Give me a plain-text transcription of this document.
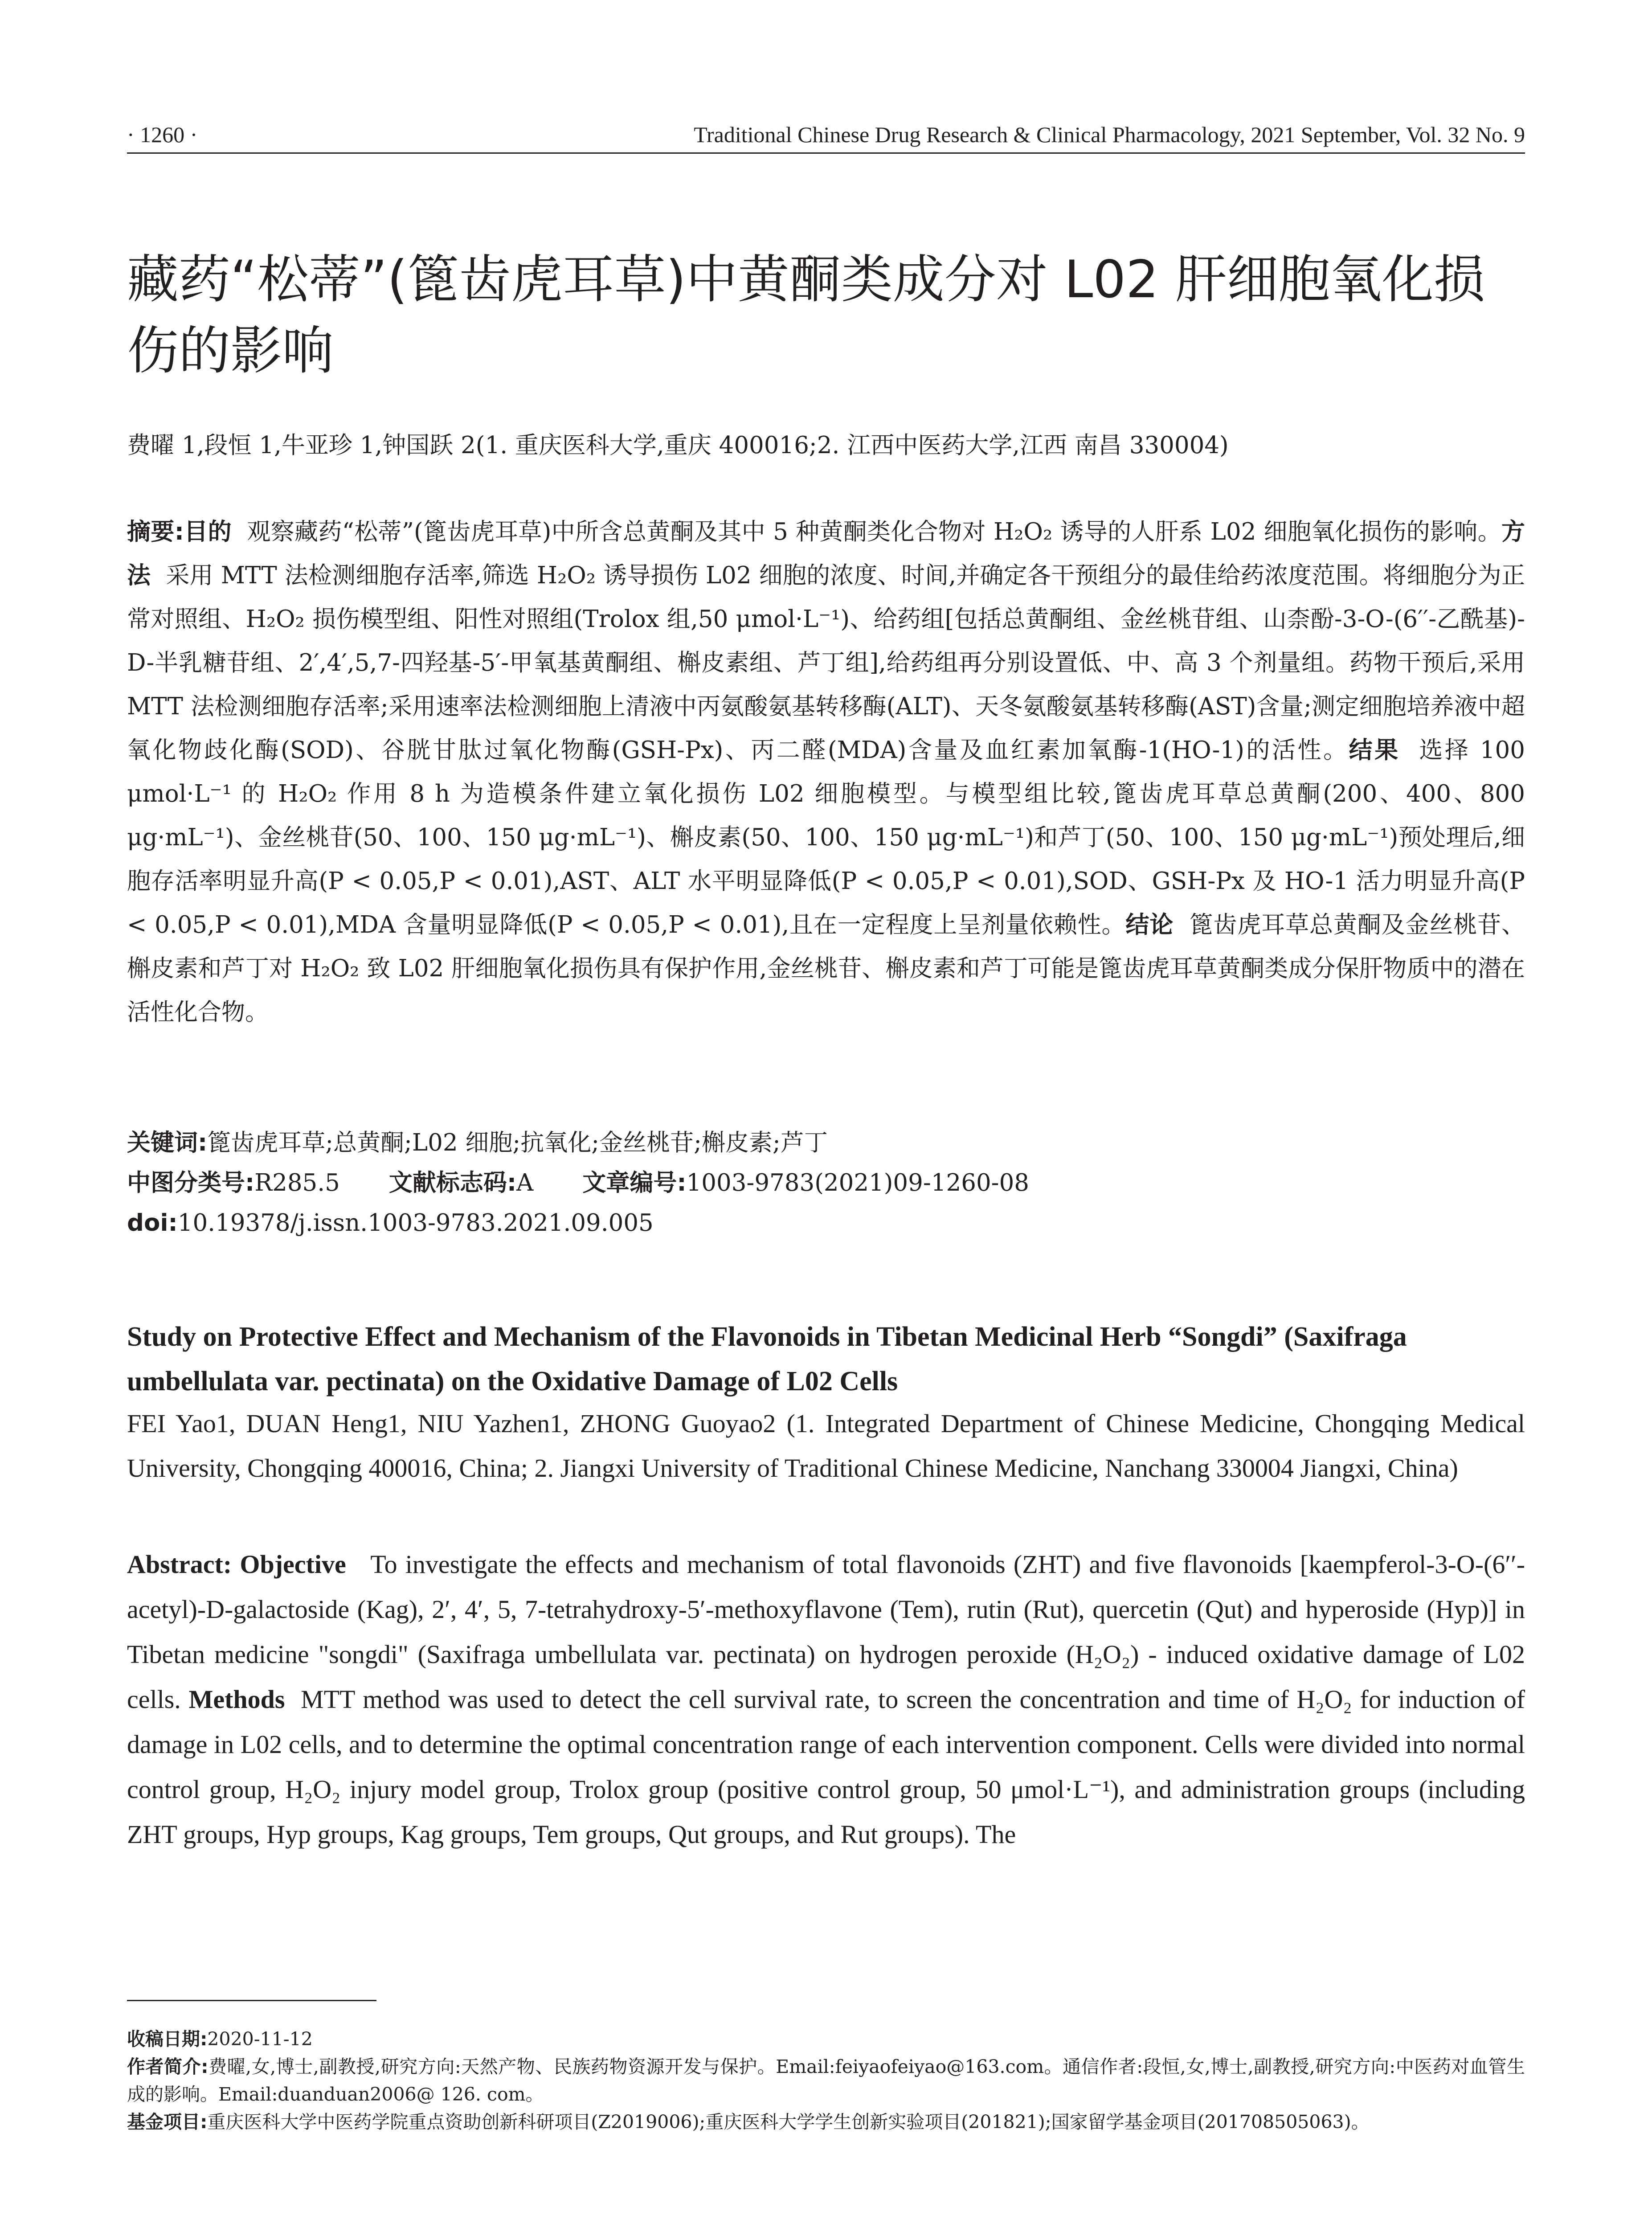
· 1260 ·	Traditional Chinese Drug Research & Clinical Pharmacology, 2021 September, Vol. 32 No. 9
藏药“松蒂”(篦齿虎耳草)中黄酮类成分对 L02 肝细胞氧化损伤的影响
费曜 1,段恒 1,牛亚珍 1,钟国跃 2(1. 重庆医科大学,重庆 400016;2. 江西中医药大学,江西 南昌 330004)

摘要:目的 观察藏药“松蒂”(篦齿虎耳草)中所含总黄酮及其中 5 种黄酮类化合物对 H₂O₂ 诱导的人肝系 L02 细胞氧化损伤的影响。方法 采用 MTT 法检测细胞存活率,筛选 H₂O₂ 诱导损伤 L02 细胞的浓度、时间,并确定各干预组分的最佳给药浓度范围。将细胞分为正常对照组、H₂O₂ 损伤模型组、阳性对照组(Trolox 组,50 μmol·L⁻¹)、给药组[包括总黄酮组、金丝桃苷组、山柰酚-3-O-(6′′-乙酰基)-D-半乳糖苷组、2′,4′,5,7-四羟基-5′-甲氧基黄酮组、槲皮素组、芦丁组],给药组再分别设置低、中、高 3 个剂量组。药物干预后,采用 MTT 法检测细胞存活率;采用速率法检测细胞上清液中丙氨酸氨基转移酶(ALT)、天冬氨酸氨基转移酶(AST)含量;测定细胞培养液中超氧化物歧化酶(SOD)、谷胱甘肽过氧化物酶(GSH-Px)、丙二醛(MDA)含量及血红素加氧酶-1(HO-1)的活性。结果 选择 100 μmol·L⁻¹ 的 H₂O₂ 作用 8 h 为造模条件建立氧化损伤 L02 细胞模型。与模型组比较,篦齿虎耳草总黄酮(200、400、800 μg·mL⁻¹)、金丝桃苷(50、100、150 μg·mL⁻¹)、槲皮素(50、100、150 μg·mL⁻¹)和芦丁(50、100、150 μg·mL⁻¹)预处理后,细胞存活率明显升高(P < 0.05,P < 0.01),AST、ALT 水平明显降低(P < 0.05,P < 0.01),SOD、GSH-Px 及 HO-1 活力明显升高(P < 0.05,P < 0.01),MDA 含量明显降低(P < 0.05,P < 0.01),且在一定程度上呈剂量依赖性。结论 篦齿虎耳草总黄酮及金丝桃苷、槲皮素和芦丁对 H₂O₂ 致 L02 肝细胞氧化损伤具有保护作用,金丝桃苷、槲皮素和芦丁可能是篦齿虎耳草黄酮类成分保肝物质中的潜在活性化合物。

关键词:篦齿虎耳草;总黄酮;L02 细胞;抗氧化;金丝桃苷;槲皮素;芦丁
中图分类号:R285.5 文献标志码:A 文章编号:1003-9783(2021)09-1260-08
doi:10.19378/j.issn.1003-9783.2021.09.005
Study on Protective Effect and Mechanism of the Flavonoids in Tibetan Medicinal Herb “Songdi” (Saxifraga umbellulata var. pectinata) on the Oxidative Damage of L02 Cells
FEI Yao1, DUAN Heng1, NIU Yazhen1, ZHONG Guoyao2 (1. Integrated Department of Chinese Medicine, Chongqing Medical University, Chongqing 400016, China; 2. Jiangxi University of Traditional Chinese Medicine, Nanchang 330004 Jiangxi, China)

Abstract: Objective To investigate the effects and mechanism of total flavonoids (ZHT) and five flavonoids [kaempferol-3-O-(6′′-acetyl)-D-galactoside (Kag), 2′, 4′, 5, 7-tetrahydroxy-5′-methoxyflavone (Tem), rutin (Rut), quercetin (Qut) and hyperoside (Hyp)] in Tibetan medicine "songdi" (Saxifraga umbellulata var. pectinata) on hydrogen peroxide (H₂O₂) - induced oxidative damage of L02 cells. Methods MTT method was used to detect the cell survival rate, to screen the concentration and time of H₂O₂ for induction of damage in L02 cells, and to determine the optimal concentration range of each intervention component. Cells were divided into normal control group, H₂O₂ injury model group, Trolox group (positive control group, 50 μmol·L⁻¹), and administration groups (including ZHT groups, Hyp groups, Kag groups, Tem groups, Qut groups, and Rut groups). The

收稿日期:2020-11-12
作者简介:费曜,女,博士,副教授,研究方向:天然产物、民族药物资源开发与保护。Email:feiyaofeiyao@163.com。通信作者:段恒,女,博士,副教授,研究方向:中医药对血管生成的影响。Email:duanduan2006@ 126. com。
基金项目:重庆医科大学中医药学院重点资助创新科研项目(Z2019006);重庆医科大学学生创新实验项目(201821);国家留学基金项目(201708505063)。
